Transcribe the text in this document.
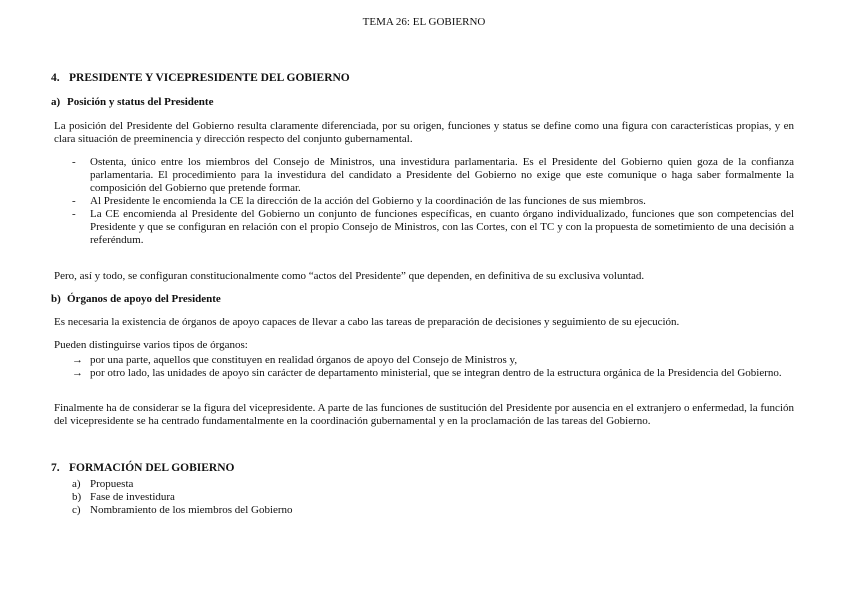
TEMA 26: EL GOBIERNO
4. PRESIDENTE Y VICEPRESIDENTE DEL GOBIERNO
a) Posición y status del Presidente
La posición del Presidente del Gobierno resulta claramente diferenciada, por su origen, funciones y status se define como una figura con características propias, y en clara situación de preeminencia y dirección respecto del conjunto gubernamental.
- Ostenta, único entre los miembros del Consejo de Ministros, una investidura parlamentaria. Es el Presidente del Gobierno quien goza de la confianza parlamentaria. El procedimiento para la investidura del candidato a Presidente del Gobierno no exige que este comunique o haga saber formalmente la composición del Gobierno que pretende formar.
- Al Presidente le encomienda la CE la dirección de la acción del Gobierno y la coordinación de las funciones de sus miembros.
- La CE encomienda al Presidente del Gobierno un conjunto de funciones específicas, en cuanto órgano individualizado, funciones que son competencias del Presidente y que se configuran en relación con el propio Consejo de Ministros, con las Cortes, con el TC y con la propuesta de sometimiento de una decisión a referéndum.
Pero, así y todo, se configuran constitucionalmente como “actos del Presidente” que dependen, en definitiva de su exclusiva voluntad.
b) Órganos de apoyo del Presidente
Es necesaria la existencia de órganos de apoyo capaces de llevar a cabo las tareas de preparación de decisiones y seguimiento de su ejecución.
Pueden distinguirse varios tipos de órganos:
→ por una parte, aquellos que constituyen en realidad órganos de apoyo del Consejo de Ministros y,
→ por otro lado, las unidades de apoyo sin carácter de departamento ministerial, que se integran dentro de la estructura orgánica de la Presidencia del Gobierno.
Finalmente ha de considerar se la figura del vicepresidente. A parte de las funciones de sustitución del Presidente por ausencia en el extranjero o enfermedad, la función del vicepresidente se ha centrado fundamentalmente en la coordinación gubernamental y en la proclamación de las tareas del Gobierno.
7. FORMACIÓN DEL GOBIERNO
a) Propuesta
b) Fase de investidura
c) Nombramiento de los miembros del Gobierno
